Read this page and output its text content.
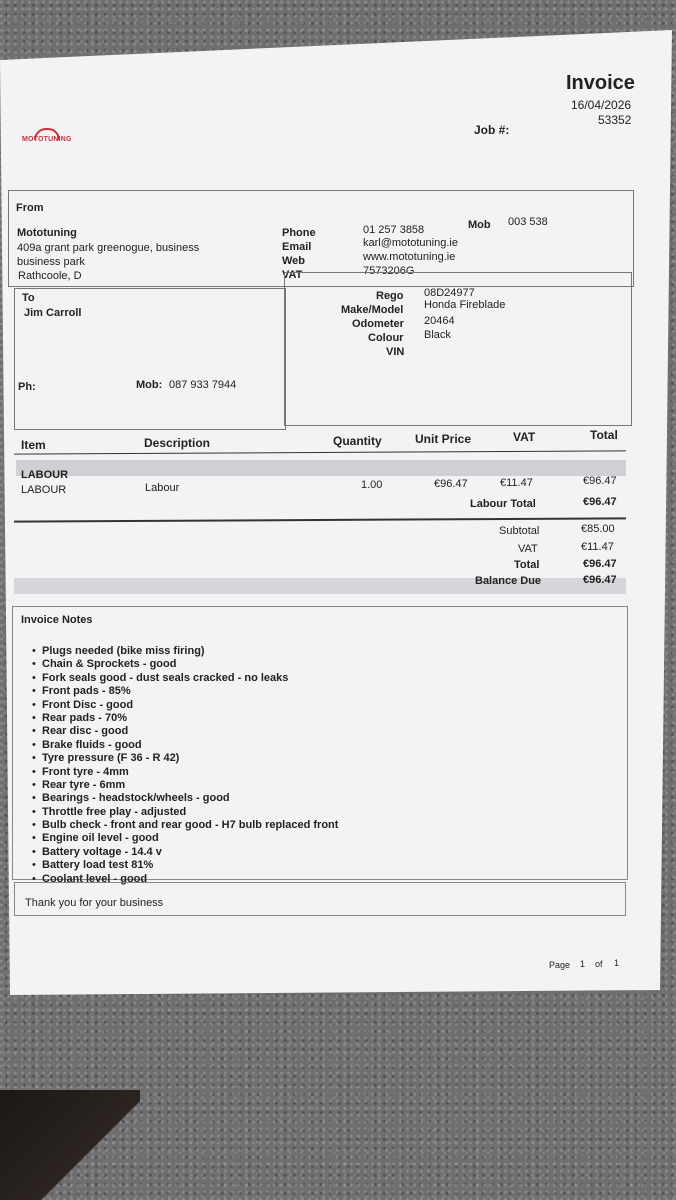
MOTOTUNING
Invoice
16/04/2026
53352
Job #:
From
Mototuning
409a grant park greenogue, business
business park
Rathcoole, D
Phone	01 257 3858	Mob 003 538
Email	karl@mototuning.ie
Web	www.mototuning.ie
VAT	7573206G
To
Jim Carroll
Ph:	Mob: 087 933 7944
Rego 08D24977
Make/Model Honda Fireblade
Odometer 20464
Colour Black
VIN
Item	Description	Quantity	Unit Price	VAT	Total
LABOUR
LABOUR	Labour	1.00	€96.47	€11.47	€96.47
Labour Total	€96.47
Subtotal	€85.00
VAT	€11.47
Total	€96.47
Balance Due	€96.47
Invoice Notes
• Plugs needed (bike miss firing)
• Chain & Sprockets - good
• Fork seals good - dust seals cracked - no leaks
• Front pads - 85%
• Front Disc - good
• Rear pads - 70%
• Rear disc - good
• Brake fluids - good
• Tyre pressure (F 36 - R 42)
• Front tyre - 4mm
• Rear tyre - 6mm
• Bearings - headstock/wheels - good
• Throttle free play - adjusted
• Bulb check - front and rear good - H7 bulb replaced front
• Engine oil level - good
• Battery voltage - 14.4 v
• Battery load test 81%
• Coolant level - good
Thank you for your business
Page 1 of 1
